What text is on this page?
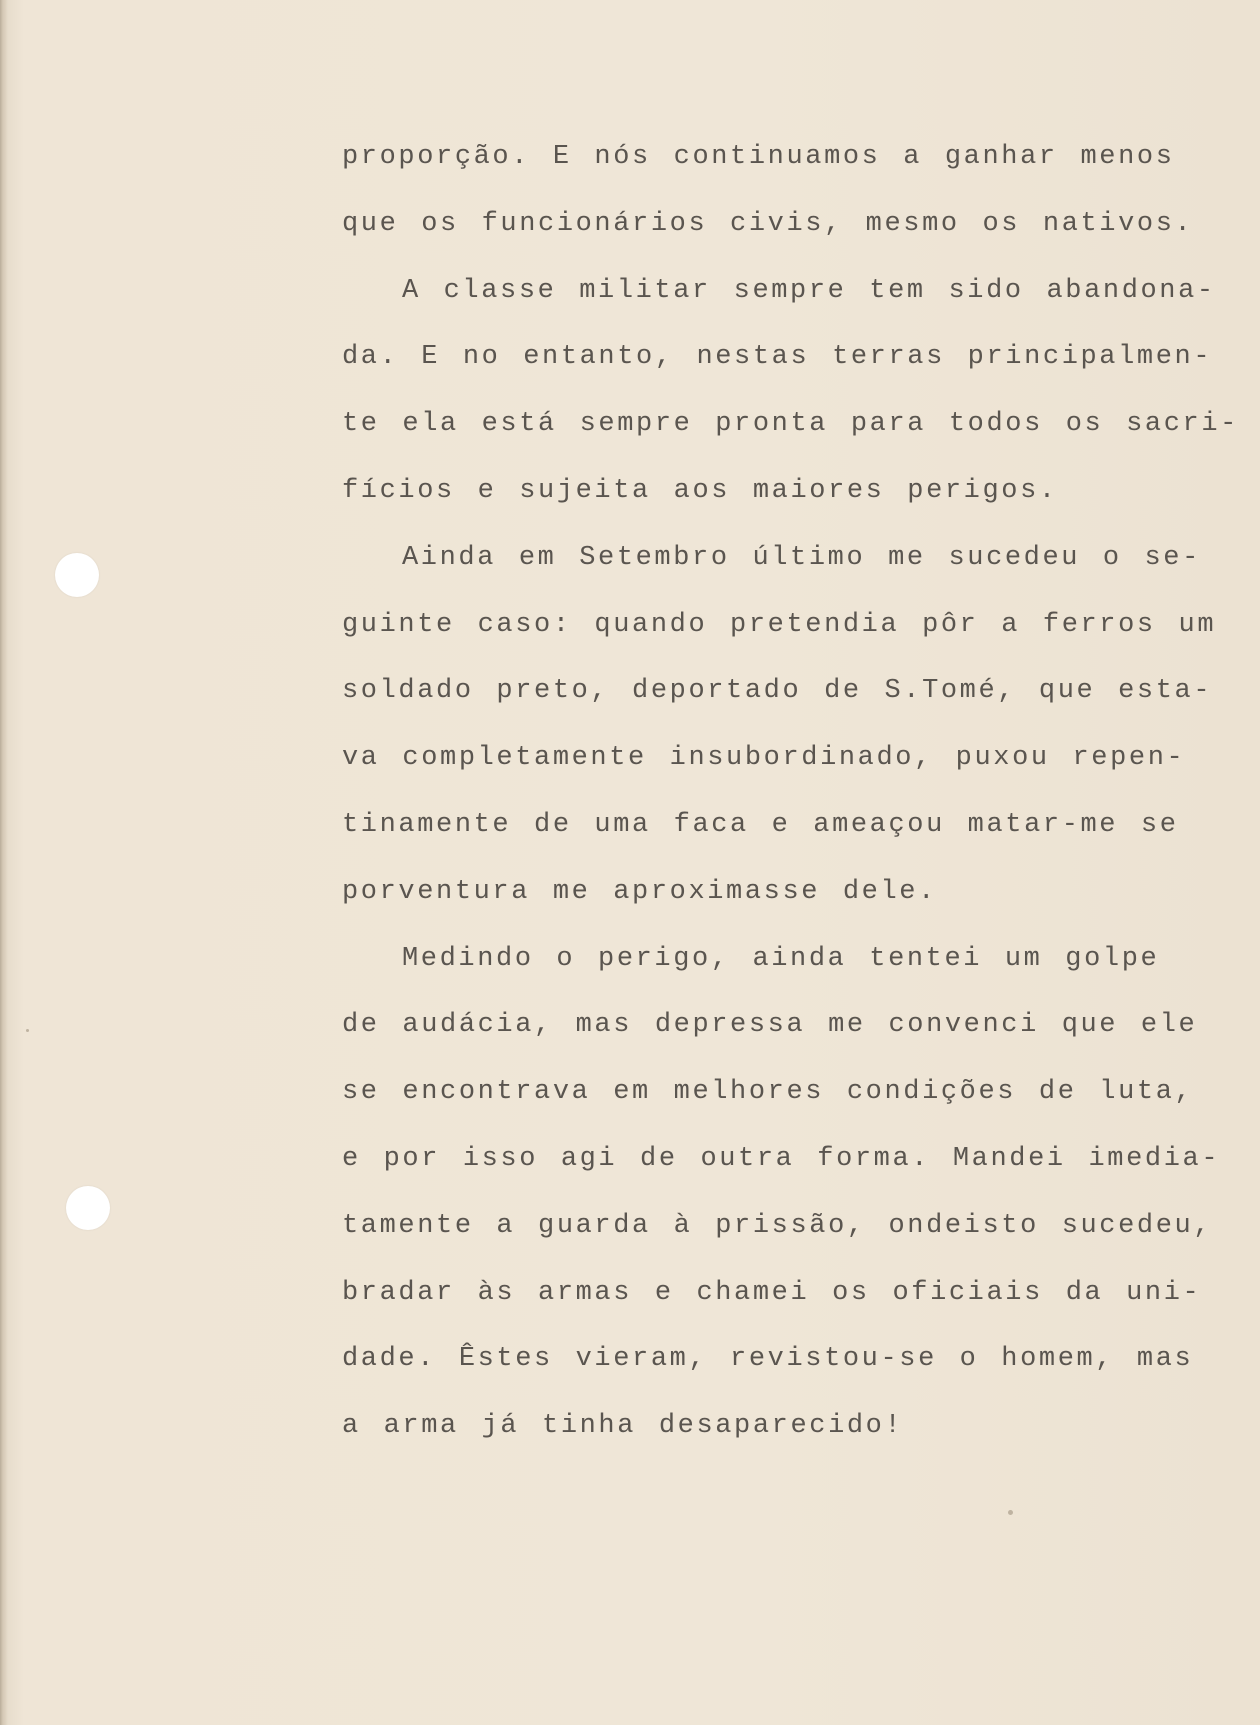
proporção. E nós continuamos a ganhar menos
que os funcionários civis, mesmo os nativos.
A classe militar sempre tem sido abandona-
da. E no entanto, nestas terras principalmen-
te ela está sempre pronta para todos os sacri-
fícios e sujeita aos maiores perigos.
Ainda em Setembro último me sucedeu o se-
guinte caso: quando pretendia pôr a ferros um
soldado preto, deportado de S.Tomé, que esta-
va completamente insubordinado, puxou repen-
tinamente de uma faca e ameaçou matar-me se
porventura me aproximasse dele.
Medindo o perigo, ainda tentei um golpe
de audácia, mas depressa me convenci que ele
se encontrava em melhores condições de luta,
e por isso agi de outra forma. Mandei imedia-
tamente a guarda à prissão, ondeisto sucedeu,
bradar às armas e chamei os oficiais da uni-
dade. Êstes vieram, revistou-se o homem, mas
a arma já tinha desaparecido!
